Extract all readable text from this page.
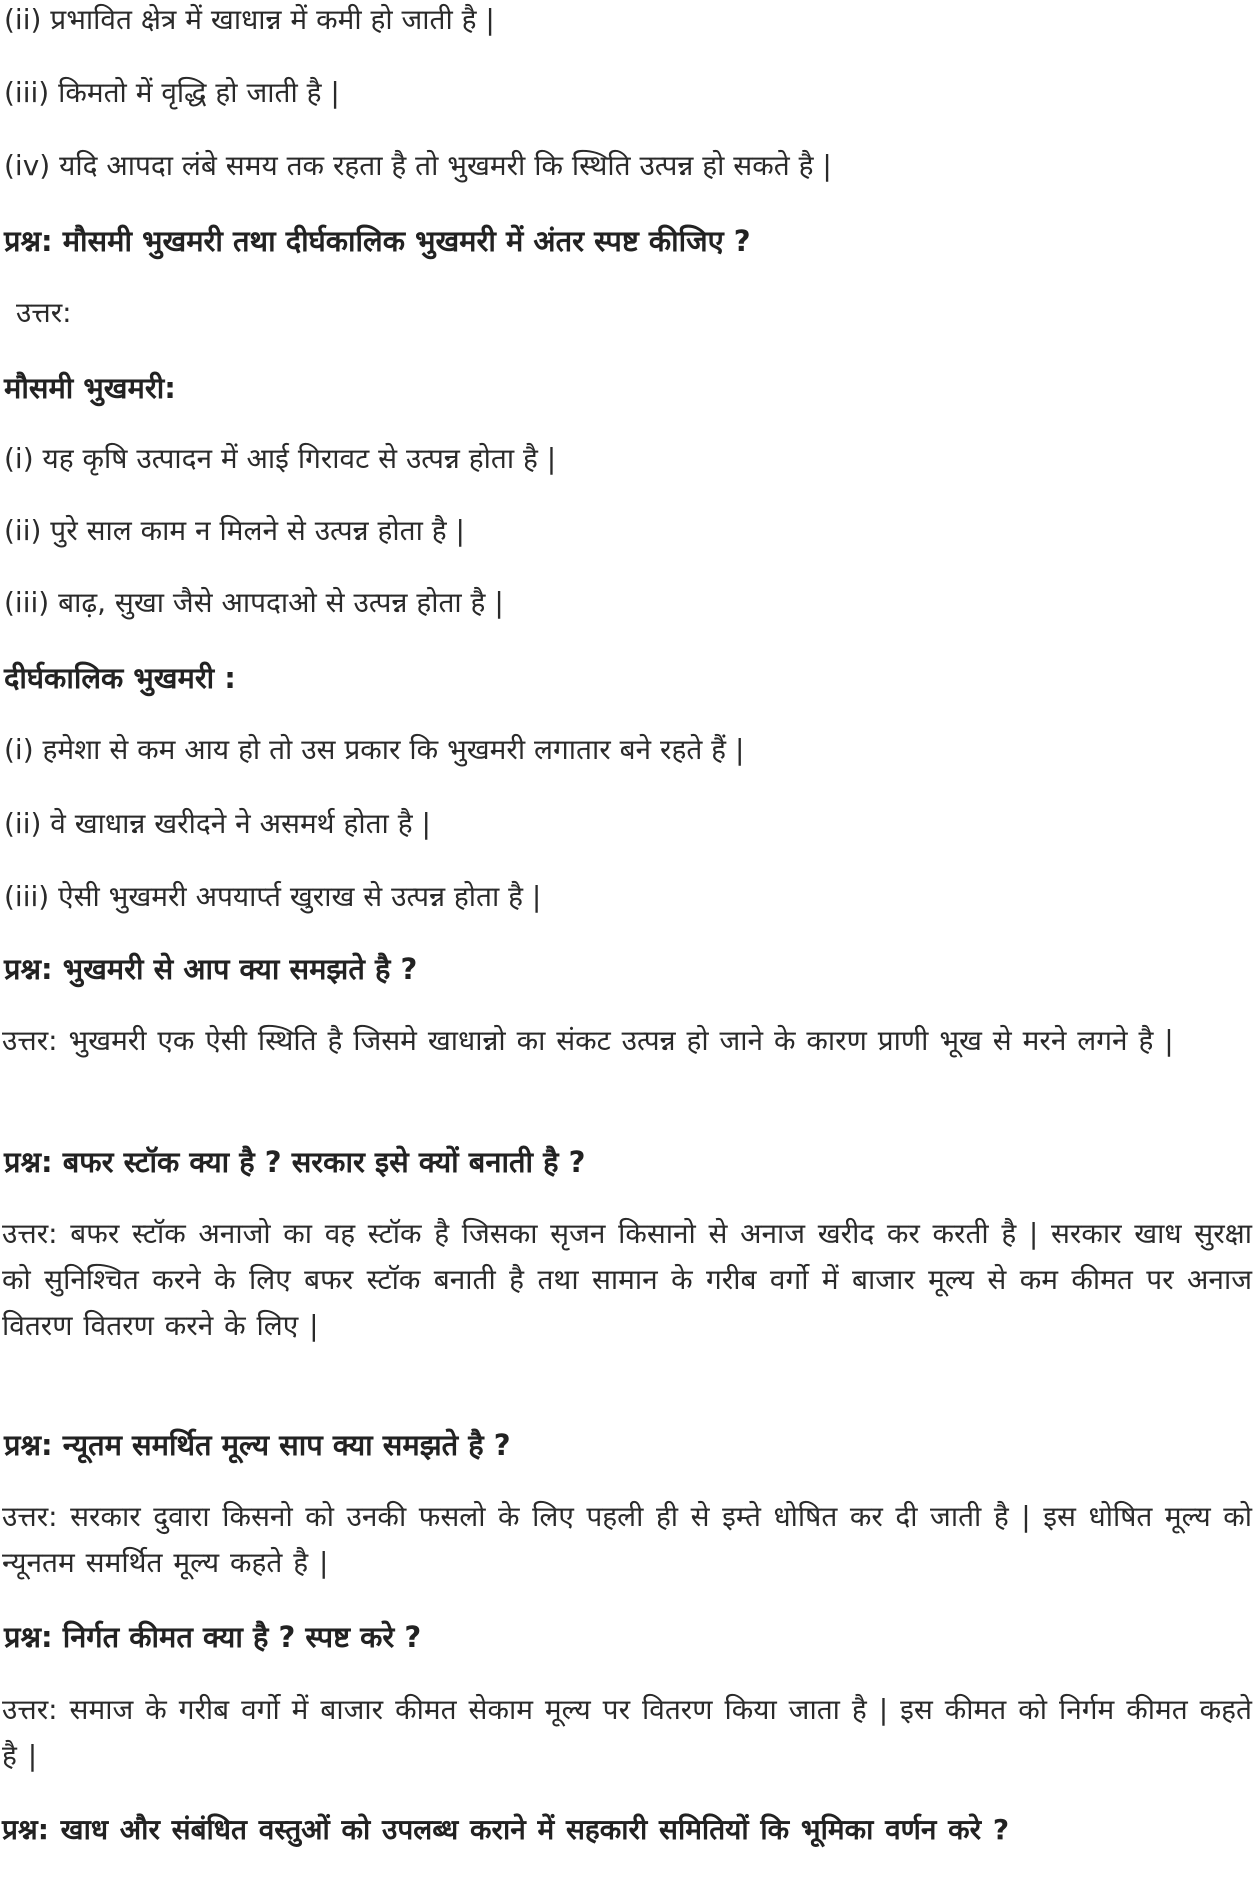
(ii) प्रभावित क्षेत्र में खाधान्न में कमी हो जाती है |
(iii) किमतो में वृद्धि हो जाती है |
(iv) यदि आपदा लंबे समय तक रहता है तो भुखमरी कि स्थिति उत्पन्न हो सकते है |
प्रश्न: मौसमी भुखमरी तथा दीर्घकालिक भुखमरी में अंतर स्पष्ट कीजिए ?
उत्तर:
मौसमी भुखमरी:
(i) यह कृषि उत्पादन में आई गिरावट से उत्पन्न होता है |
(ii) पुरे साल काम न मिलने से उत्पन्न होता है |
(iii) बाढ़, सुखा जैसे आपदाओ से उत्पन्न होता है |
दीर्घकालिक भुखमरी :
(i) हमेशा से कम आय हो तो उस प्रकार कि भुखमरी लगातार बने रहते हैं |
(ii) वे खाधान्न खरीदने ने असमर्थ होता है |
(iii) ऐसी भुखमरी अपयार्प्त खुराख से उत्पन्न होता है |
प्रश्न: भुखमरी से आप क्या समझते है ?
उत्तर: भुखमरी एक ऐसी स्थिति है जिसमे खाधान्नो का संकट उत्पन्न हो जाने के कारण प्राणी भूख से मरने लगने है |
प्रश्न: बफर स्टॉक क्या है ? सरकार इसे क्यों बनाती है ?
उत्तर: बफर स्टॉक अनाजो का वह स्टॉक है जिसका सृजन किसानो से अनाज खरीद कर करती है | सरकार खाध सुरक्षा को सुनिश्चित करने के लिए बफर स्टॉक बनाती है तथा सामान के गरीब वर्गो में बाजार मूल्य से कम कीमत पर अनाज वितरण वितरण करने के लिए |
प्रश्न: न्यूतम समर्थित मूल्य साप क्या समझते है ?
उत्तर: सरकार दुवारा किसनो को उनकी फसलो के लिए पहली ही से इम्ते धोषित कर दी जाती है | इस धोषित मूल्य को न्यूनतम समर्थित मूल्य कहते है |
प्रश्न: निर्गत कीमत क्या है ? स्पष्ट करे ?
उत्तर: समाज के गरीब वर्गो में बाजार कीमत सेकाम मूल्य पर वितरण किया जाता है | इस कीमत को निर्गम कीमत कहते है |
प्रश्न: खाध और संबंधित वस्तुओं को उपलब्ध कराने में सहकारी समितियों कि भूमिका वर्णन करे ?
